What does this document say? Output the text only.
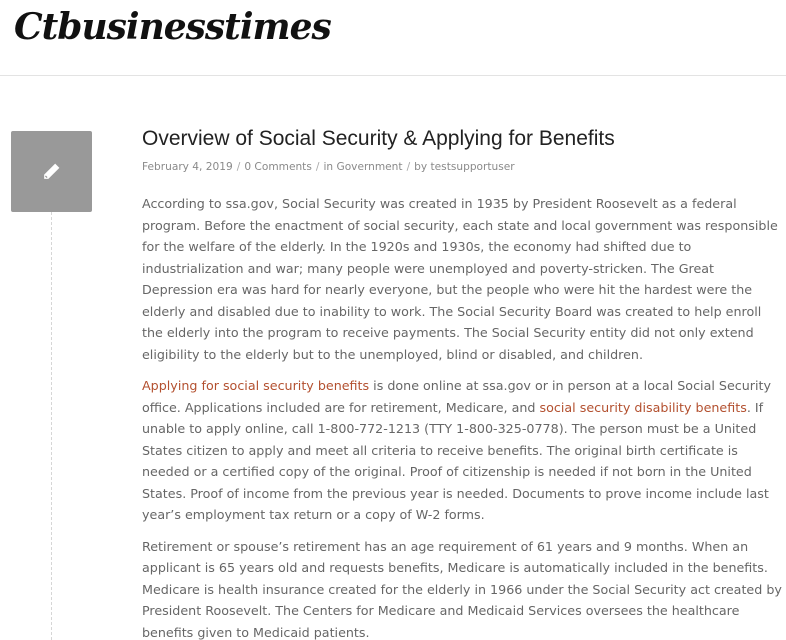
Ctbusinesstimes
Overview of Social Security & Applying for Benefits
February 4, 2019 / 0 Comments / in Government / by testsupportuser

According to ssa.gov, Social Security was created in 1935 by President Roosevelt as a federal program. Before the enactment of social security, each state and local government was responsible for the welfare of the elderly. In the 1920s and 1930s, the economy had shifted due to industrialization and war; many people were unemployed and poverty-stricken. The Great Depression era was hard for nearly everyone, but the people who were hit the hardest were the elderly and disabled due to inability to work. The Social Security Board was created to help enroll the elderly into the program to receive payments. The Social Security entity did not only extend eligibility to the elderly but to the unemployed, blind or disabled, and children.

Applying for social security benefits is done online at ssa.gov or in person at a local Social Security office. Applications included are for retirement, Medicare, and social security disability benefits. If unable to apply online, call 1-800-772-1213 (TTY 1-800-325-0778). The person must be a United States citizen to apply and meet all criteria to receive benefits. The original birth certificate is needed or a certified copy of the original. Proof of citizenship is needed if not born in the United States. Proof of income from the previous year is needed. Documents to prove income include last year’s employment tax return or a copy of W-2 forms.

Retirement or spouse’s retirement has an age requirement of 61 years and 9 months. When an applicant is 65 years old and requests benefits, Medicare is automatically included in the benefits. Medicare is health insurance created for the elderly in 1966 under the Social Security act created by President Roosevelt. The Centers for Medicare and Medicaid Services oversees the healthcare benefits given to Medicaid patients.
